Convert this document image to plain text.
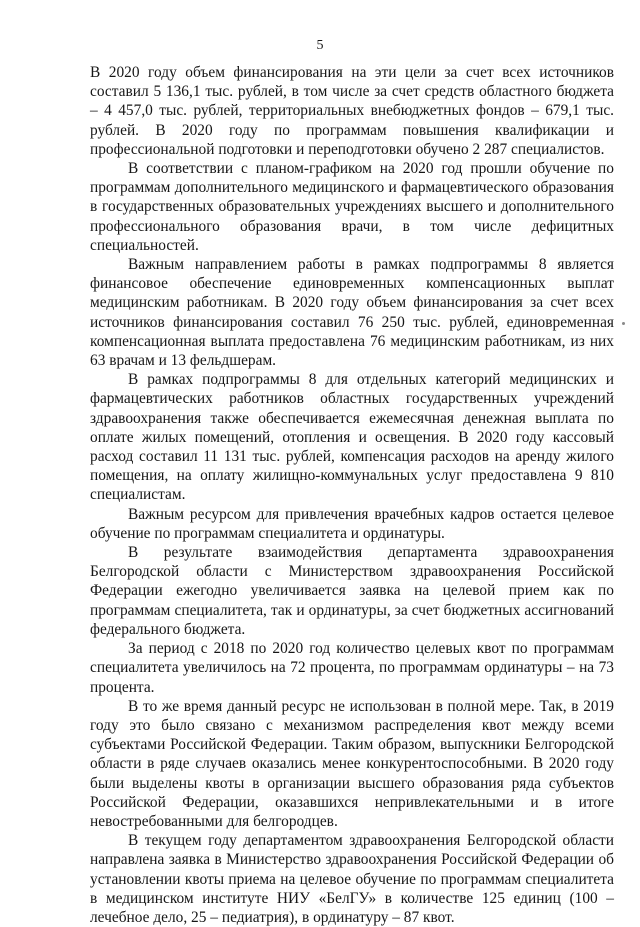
5

В 2020 году объем финансирования на эти цели за счет всех источников составил 5 136,1 тыс. рублей, в том числе за счет средств областного бюджета – 4 457,0 тыс. рублей, территориальных внебюджетных фондов – 679,1 тыс. рублей. В 2020 году по программам повышения квалификации и профессиональной подготовки и переподготовки обучено 2 287 специалистов.

В соответствии с планом-графиком на 2020 год прошли обучение по программам дополнительного медицинского и фармацевтического образования в государственных образовательных учреждениях высшего и дополнительного профессионального образования врачи, в том числе дефицитных специальностей.

Важным направлением работы в рамках подпрограммы 8 является финансовое обеспечение единовременных компенсационных выплат медицинским работникам. В 2020 году объем финансирования за счет всех источников финансирования составил 76 250 тыс. рублей, единовременная компенсационная выплата предоставлена 76 медицинским работникам, из них 63 врачам и 13 фельдшерам.

В рамках подпрограммы 8 для отдельных категорий медицинских и фармацевтических работников областных государственных учреждений здравоохранения также обеспечивается ежемесячная денежная выплата по оплате жилых помещений, отопления и освещения. В 2020 году кассовый расход составил 11 131 тыс. рублей, компенсация расходов на аренду жилого помещения, на оплату жилищно-коммунальных услуг предоставлена 9 810 специалистам.

Важным ресурсом для привлечения врачебных кадров остается целевое обучение по программам специалитета и ординатуры.

В результате взаимодействия департамента здравоохранения Белгородской области с Министерством здравоохранения Российской Федерации ежегодно увеличивается заявка на целевой прием как по программам специалитета, так и ординатуры, за счет бюджетных ассигнований федерального бюджета.

За период с 2018 по 2020 год количество целевых квот по программам специалитета увеличилось на 72 процента, по программам ординатуры – на 73 процента.

В то же время данный ресурс не использован в полной мере. Так, в 2019 году это было связано с механизмом распределения квот между всеми субъектами Российской Федерации. Таким образом, выпускники Белгородской области в ряде случаев оказались менее конкурентоспособными. В 2020 году были выделены квоты в организации высшего образования ряда субъектов Российской Федерации, оказавшихся непривлекательными и в итоге невостребованными для белгородцев.

В текущем году департаментом здравоохранения Белгородской области направлена заявка в Министерство здравоохранения Российской Федерации об установлении квоты приема на целевое обучение по программам специалитета в медицинском институте НИУ «БелГУ» в количестве 125 единиц (100 – лечебное дело, 25 – педиатрия), в ординатуру – 87 квот.
